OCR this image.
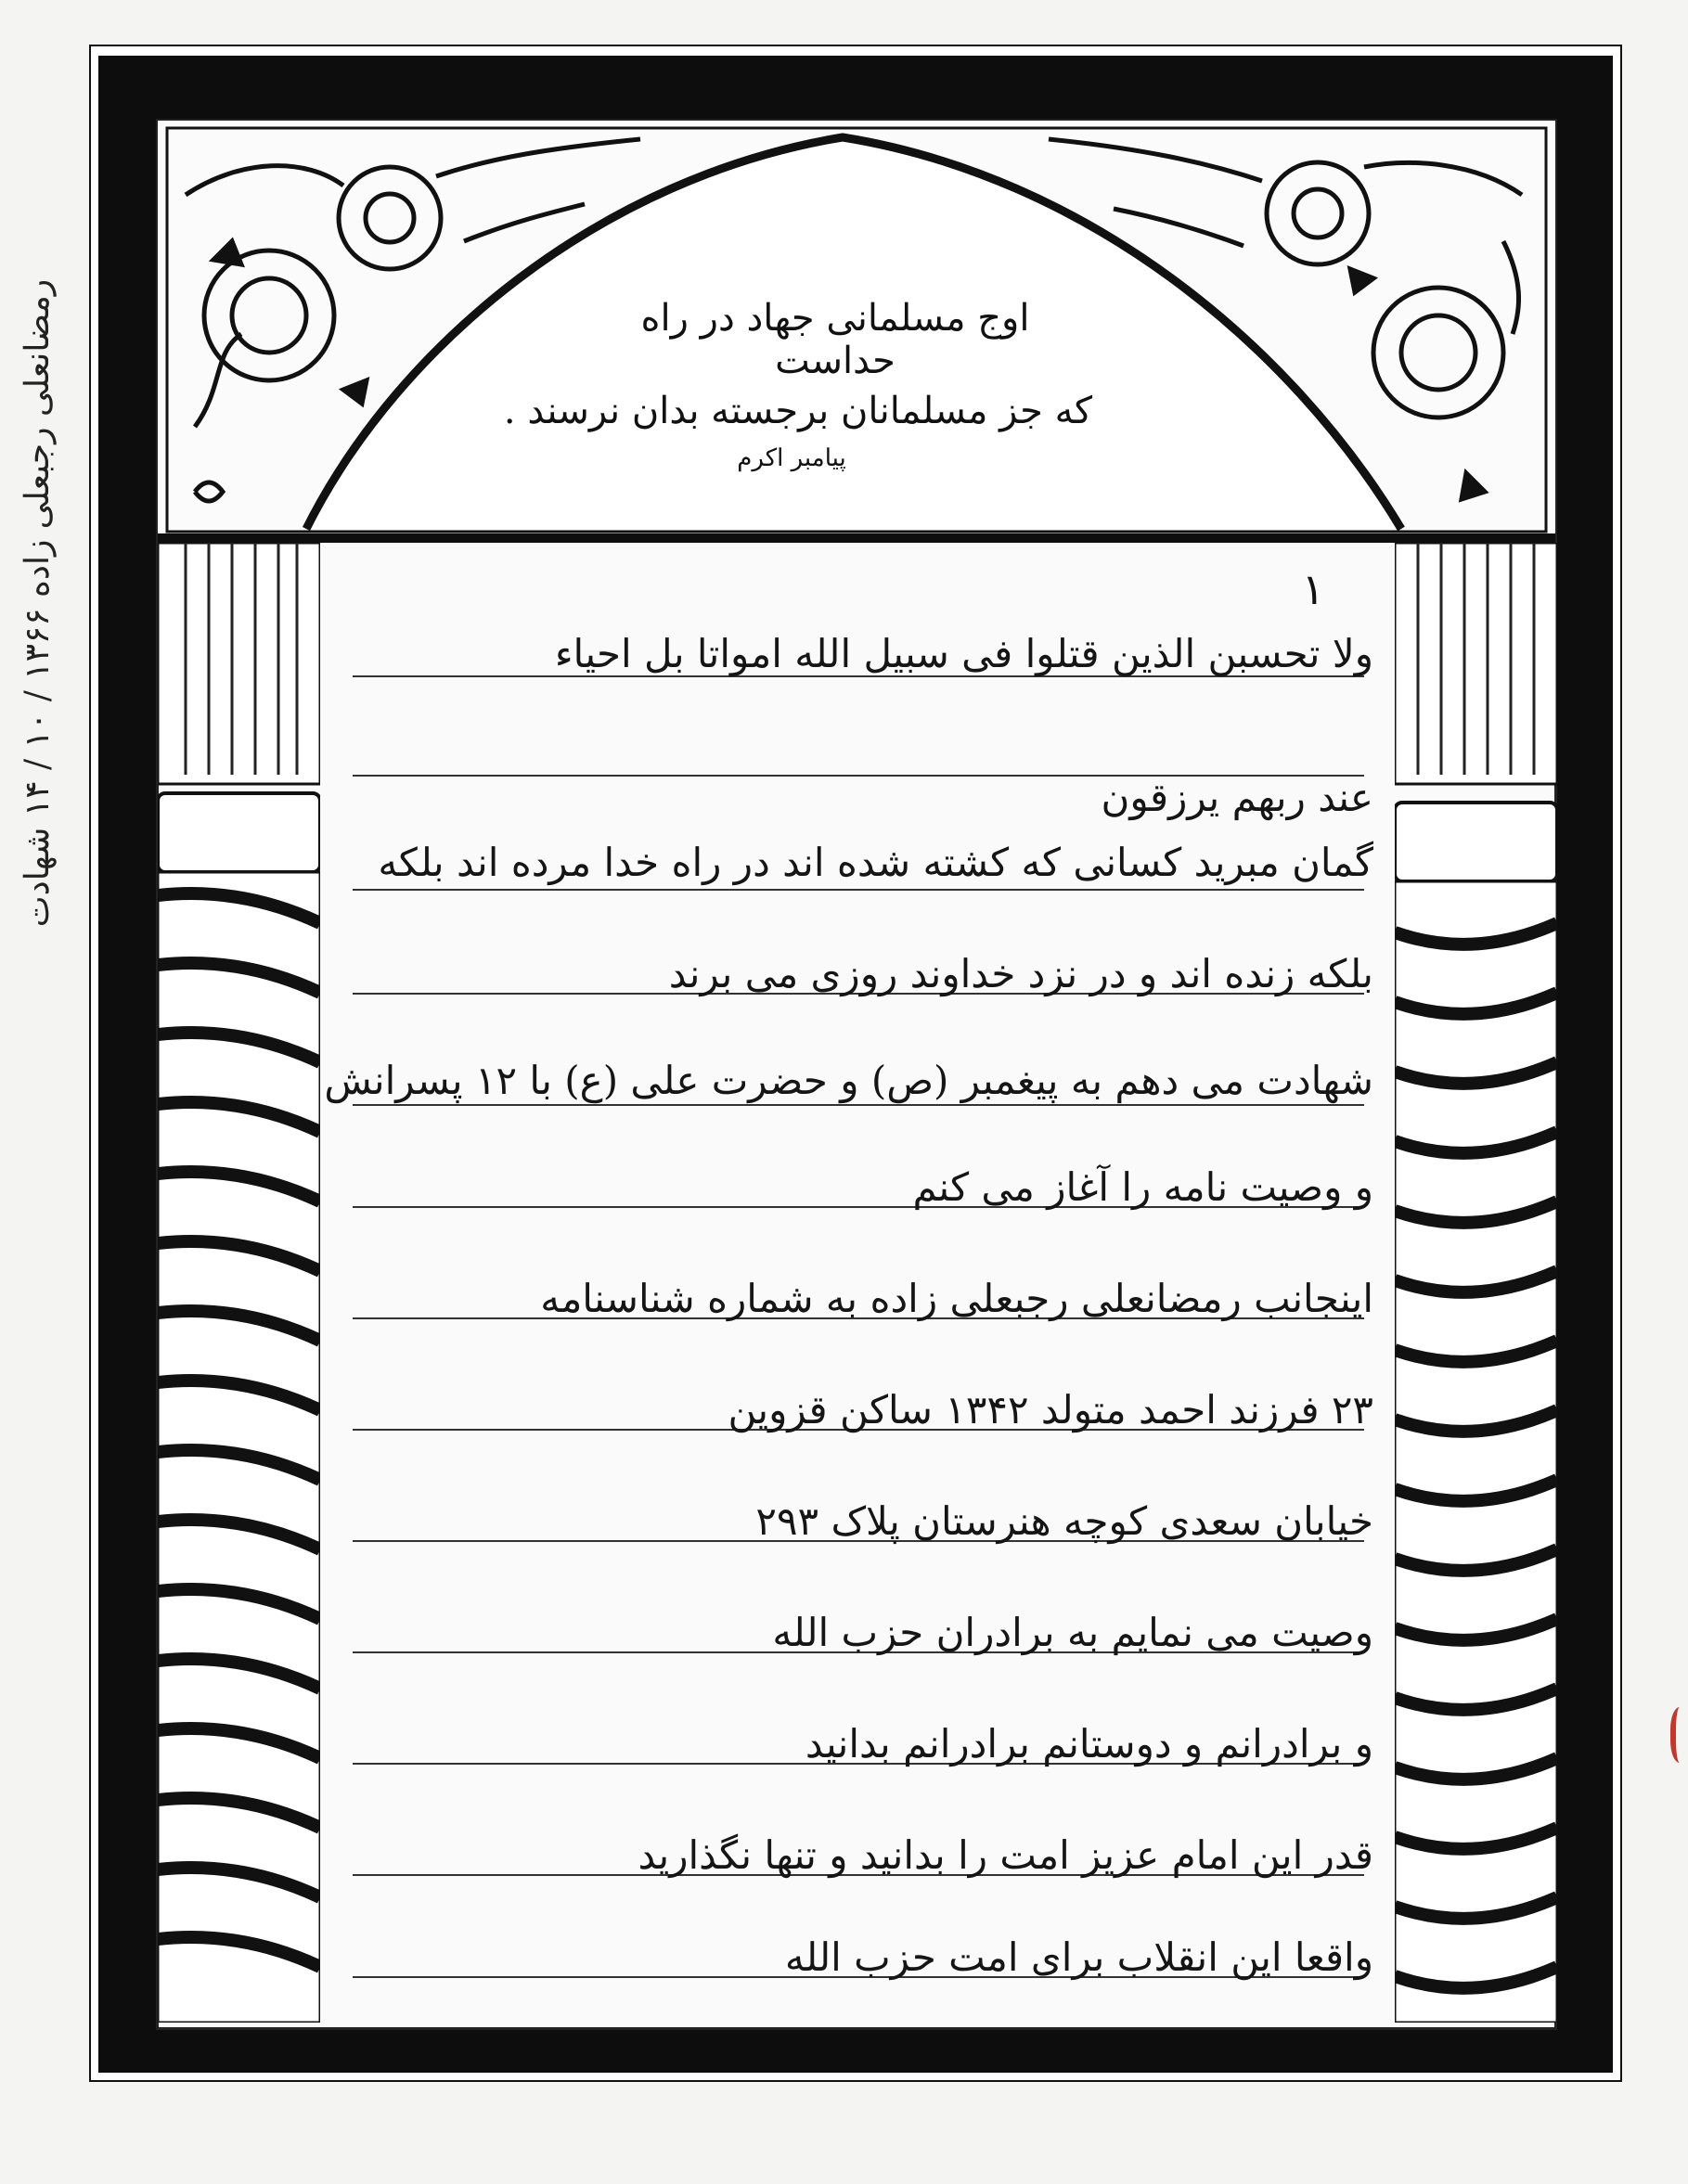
اوج مسلمانی جهاد در راه حداست
که جز مسلمانان برجسته بدان نرسند . پیامبر اکرم
۱
ولا تحسبن الذین قتلوا فی سبیل الله امواتا بل احیاء
عند ربهم یرزقون
گمان مبرید کسانی که کشته شده اند در راه خدا مرده اند بلکه
بلکه زنده اند و در نزد خداوند روزی می برند
شهادت می دهم به پیغمبر (ص) و حضرت علی (ع) با ۱۲ پسرانش
و وصیت نامه را آغاز می کنم
اینجانب رمضانعلی رجبعلی زاده به شماره شناسنامه
۲۳ فرزند احمد متولد ۱۳۴۲ ساکن قزوین
خیابان سعدی کوچه هنرستان پلاک ۲۹۳
وصیت می نمایم به برادران حزب الله
و برادرانم و دوستانم برادرانم بدانید
قدر این امام عزیز امت را بدانید و تنها نگذارید
واقعا این انقلاب برای امت حزب الله
رمضانعلی رجبعلی زاده ۱۳۶۶ / ۱۰ / ۱۴ شهادت
